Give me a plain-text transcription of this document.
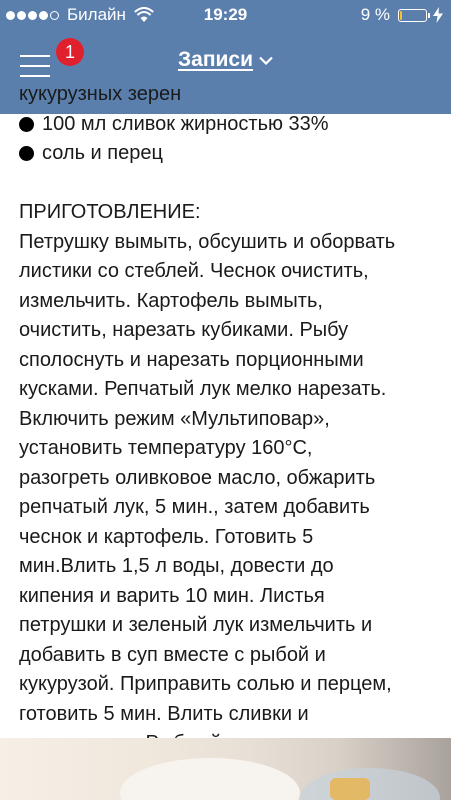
Билайн	19:29	9 %
1	Записи

кукурузных зерен

100 мл сливок жирностью 33%

соль и перец

ПРИГОТОВЛЕНИЕ:

Петрушку вымыть, обсушить и оборвать

листики со стеблей. Чеснок очистить,

измельчить. Картофель вымыть,

очистить, нарезать кубиками. Рыбу

сполоснуть и нарезать порционными

кусками. Репчатый лук мелко нарезать.

Включить режим «Мультиповар»,

установить температуру 160°С,

разогреть оливковое масло, обжарить

репчатый лук, 5 мин., затем добавить

чеснок и картофель. Готовить 5

мин.Влить 1,5 л воды, довести до

кипения и варить 10 мин. Листья

петрушки и зеленый лук измельчить и

добавить в суп вместе с рыбой и

кукурузой. Приправить солью и перцем,

готовить 5 мин. Влить сливки и
